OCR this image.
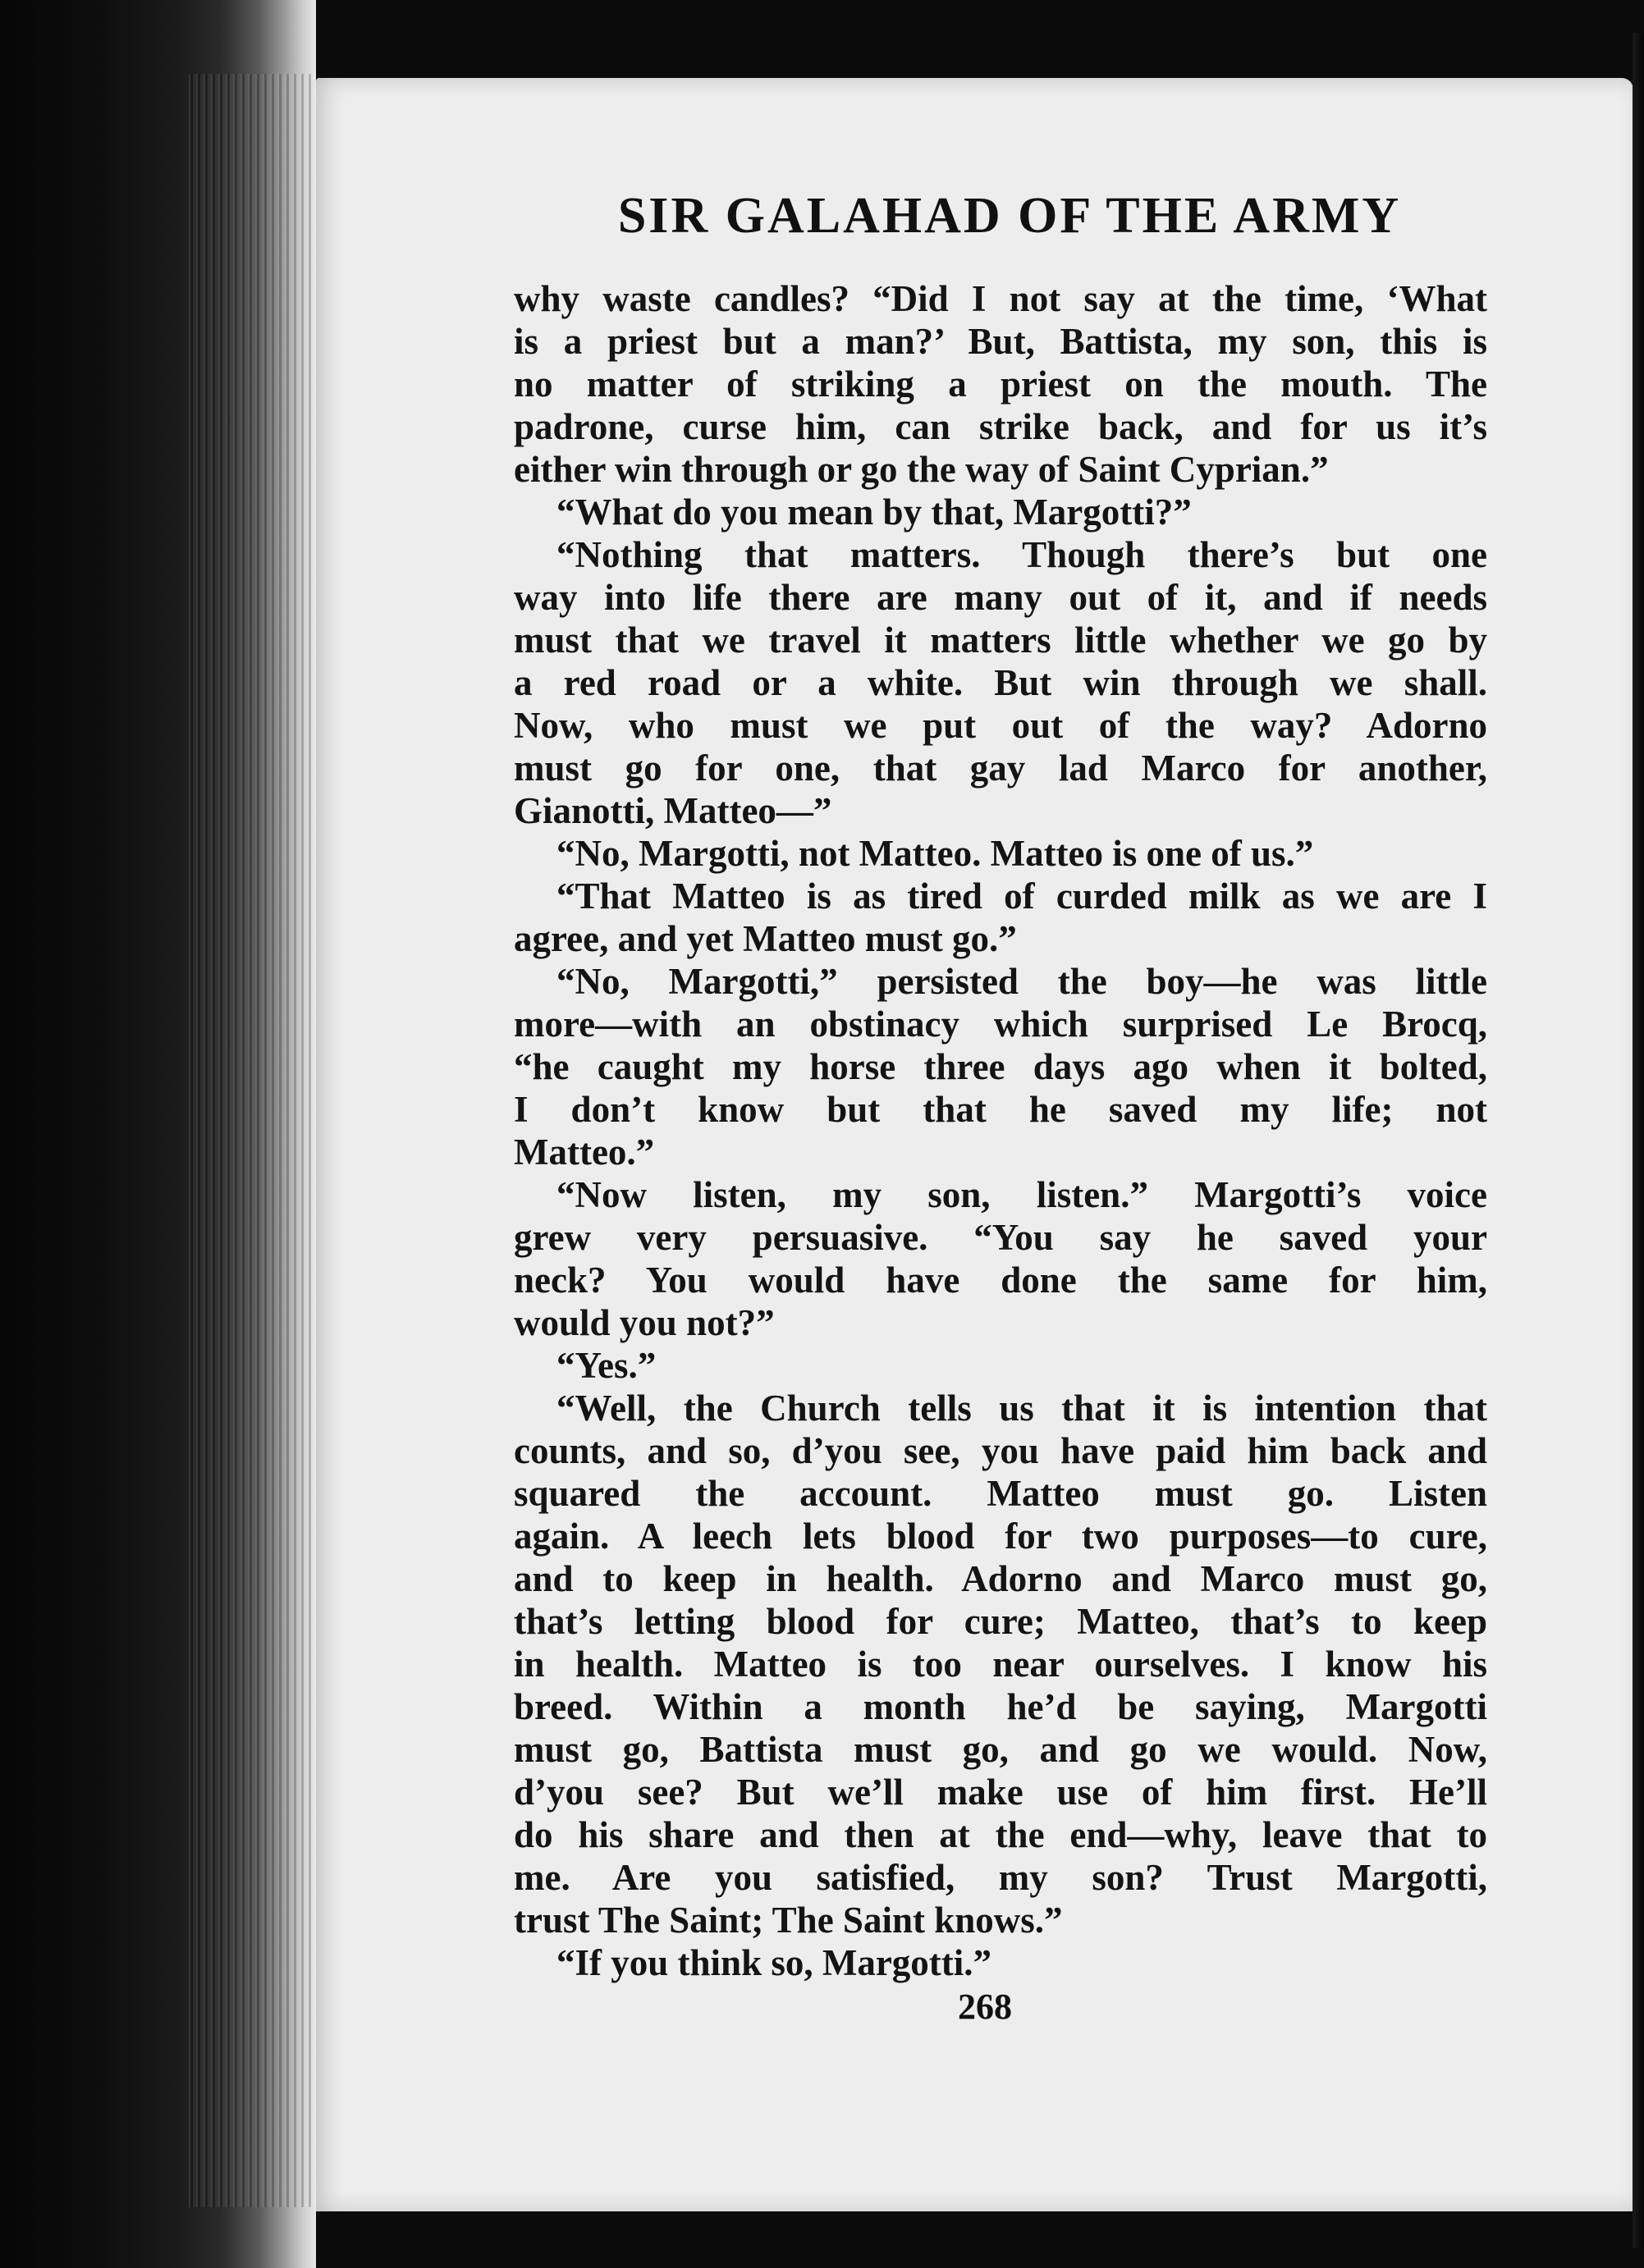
SIR GALAHAD OF THE ARMY
why waste candles? “Did I not say at the time, ‘What
is a priest but a man?’ But, Battista, my son, this is
no matter of striking a priest on the mouth. The
padrone, curse him, can strike back, and for us it’s
either win through or go the way of Saint Cyprian.”
“What do you mean by that, Margotti?”
“Nothing that matters. Though there’s but one
way into life there are many out of it, and if needs
must that we travel it matters little whether we go by
a red road or a white. But win through we shall.
Now, who must we put out of the way? Adorno
must go for one, that gay lad Marco for another,
Gianotti, Matteo—”
“No, Margotti, not Matteo. Matteo is one of us.”
“That Matteo is as tired of curded milk as we are I
agree, and yet Matteo must go.”
“No, Margotti,” persisted the boy—he was little
more—with an obstinacy which surprised Le Brocq,
“he caught my horse three days ago when it bolted,
I don’t know but that he saved my life; not
Matteo.”
“Now listen, my son, listen.” Margotti’s voice
grew very persuasive. “You say he saved your
neck? You would have done the same for him,
would you not?”
“Yes.”
“Well, the Church tells us that it is intention that
counts, and so, d’you see, you have paid him back and
squared the account. Matteo must go. Listen
again. A leech lets blood for two purposes—to cure,
and to keep in health. Adorno and Marco must go,
that’s letting blood for cure; Matteo, that’s to keep
in health. Matteo is too near ourselves. I know his
breed. Within a month he’d be saying, Margotti
must go, Battista must go, and go we would. Now,
d’you see? But we’ll make use of him first. He’ll
do his share and then at the end—why, leave that to
me. Are you satisfied, my son? Trust Margotti,
trust The Saint; The Saint knows.”
“If you think so, Margotti.”
268
